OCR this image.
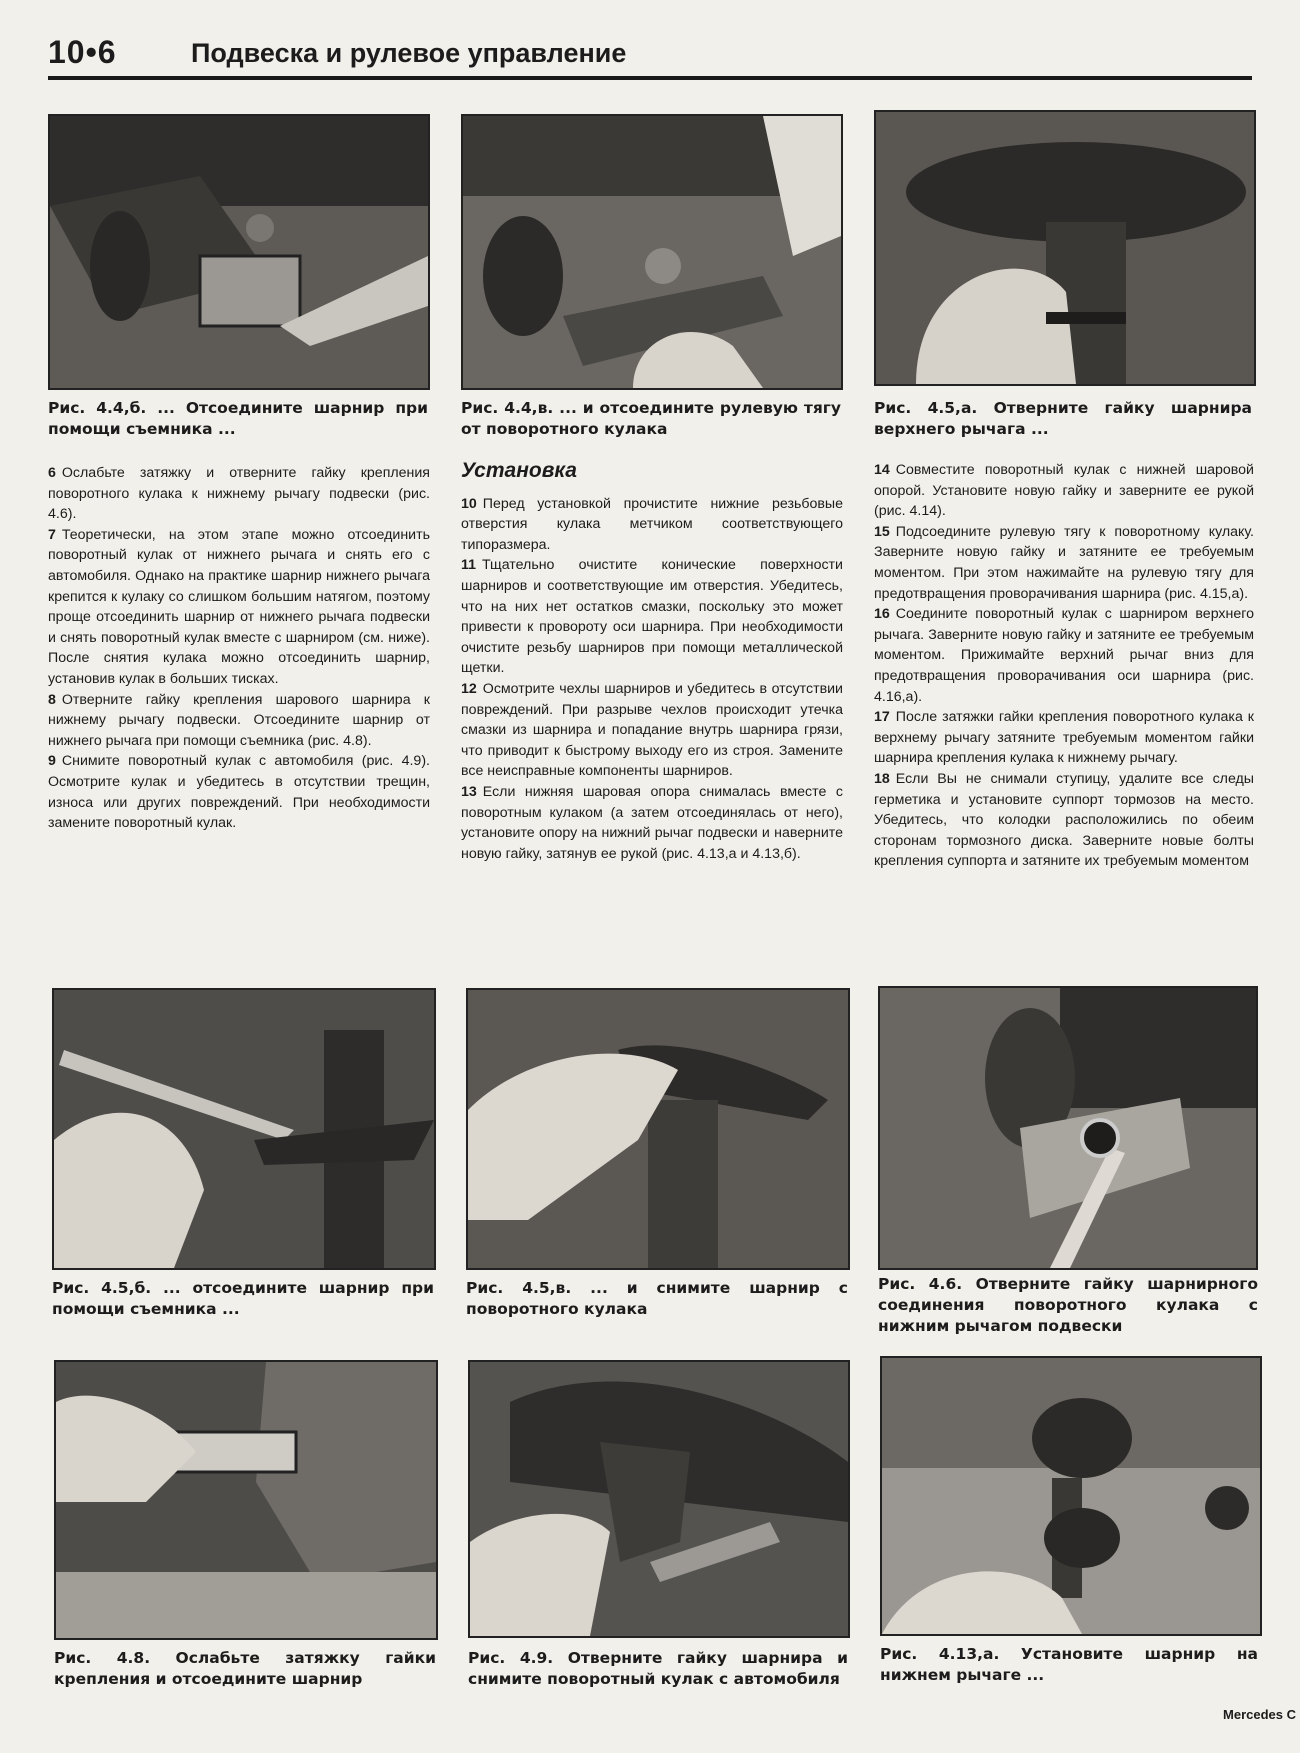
10•6	Подвеска и рулевое управление
Рис. 4.4,б. ... Отсоедините шарнир при помощи съемника ...
Рис. 4.4,в. ... и отсоедините рулевую тягу от поворотного кулака
Рис. 4.5,а. Отверните гайку шарнира верхнего рычага ...

6 Ослабьте затяжку и отверните гайку крепления поворотного кулака к нижнему рычагу подвески (рис. 4.6).

7 Теоретически, на этом этапе можно отсоединить поворотный кулак от нижнего рычага и снять его с автомобиля. Однако на практике шарнир нижнего рычага крепится к кулаку со слишком большим натягом, поэтому проще отсоединить шарнир от нижнего рычага подвески и снять поворотный кулак вместе с шарниром (см. ниже). После снятия кулака можно отсоединить шарнир, установив кулак в больших тисках.

8 Отверните гайку крепления шарового шарнира к нижнему рычагу подвески. Отсоедините шарнир от нижнего рычага при помощи съемника (рис. 4.8).

9 Снимите поворотный кулак с автомобиля (рис. 4.9). Осмотрите кулак и убедитесь в отсутствии трещин, износа или других повреждений. При необходимости замените поворотный кулак.

Установка

10 Перед установкой прочистите нижние резьбовые отверстия кулака метчиком соответствующего типоразмера.

11 Тщательно очистите конические поверхности шарниров и соответствующие им отверстия. Убедитесь, что на них нет остатков смазки, поскольку это может привести к провороту оси шарнира. При необходимости очистите резьбу шарниров при помощи металлической щетки.

12 Осмотрите чехлы шарниров и убедитесь в отсутствии повреждений. При разрыве чехлов происходит утечка смазки из шарнира и попадание внутрь шарнира грязи, что приводит к быстрому выходу его из строя. Замените все неисправные компоненты шарниров.

13 Если нижняя шаровая опора снималась вместе с поворотным кулаком (а затем отсоединялась от него), установите опору на нижний рычаг подвески и наверните новую гайку, затянув ее рукой (рис. 4.13,а и 4.13,б).

14 Совместите поворотный кулак с нижней шаровой опорой. Установите новую гайку и заверните ее рукой (рис. 4.14).

15 Подсоедините рулевую тягу к поворотному кулаку. Заверните новую гайку и затяните ее требуемым моментом. При этом нажимайте на рулевую тягу для предотвращения проворачивания шарнира (рис. 4.15,а).

16 Соедините поворотный кулак с шарниром верхнего рычага. Заверните новую гайку и затяните ее требуемым моментом. Прижимайте верхний рычаг вниз для предотвращения проворачивания оси шарнира (рис. 4.16,а).

17 После затяжки гайки крепления поворотного кулака к верхнему рычагу затяните требуемым моментом гайки шарнира крепления кулака к нижнему рычагу.

18 Если Вы не снимали ступицу, удалите все следы герметика и установите суппорт тормозов на место. Убедитесь, что колодки расположились по обеим сторонам тормозного диска. Заверните новые болты крепления суппорта и затяните их требуемым моментом

Рис. 4.5,б. ... отсоедините шарнир при помощи съемника ...
Рис. 4.5,в. ... и снимите шарнир с поворотного кулака
Рис. 4.6. Отверните гайку шарнирного соединения поворотного кулака с нижним рычагом подвески
Рис. 4.8. Ослабьте затяжку гайки крепления и отсоедините шарнир
Рис. 4.9. Отверните гайку шарнира и снимите поворотный кулак с автомобиля
Рис. 4.13,а. Установите шарнир на нижнем рычаге ...
Mercedes C
